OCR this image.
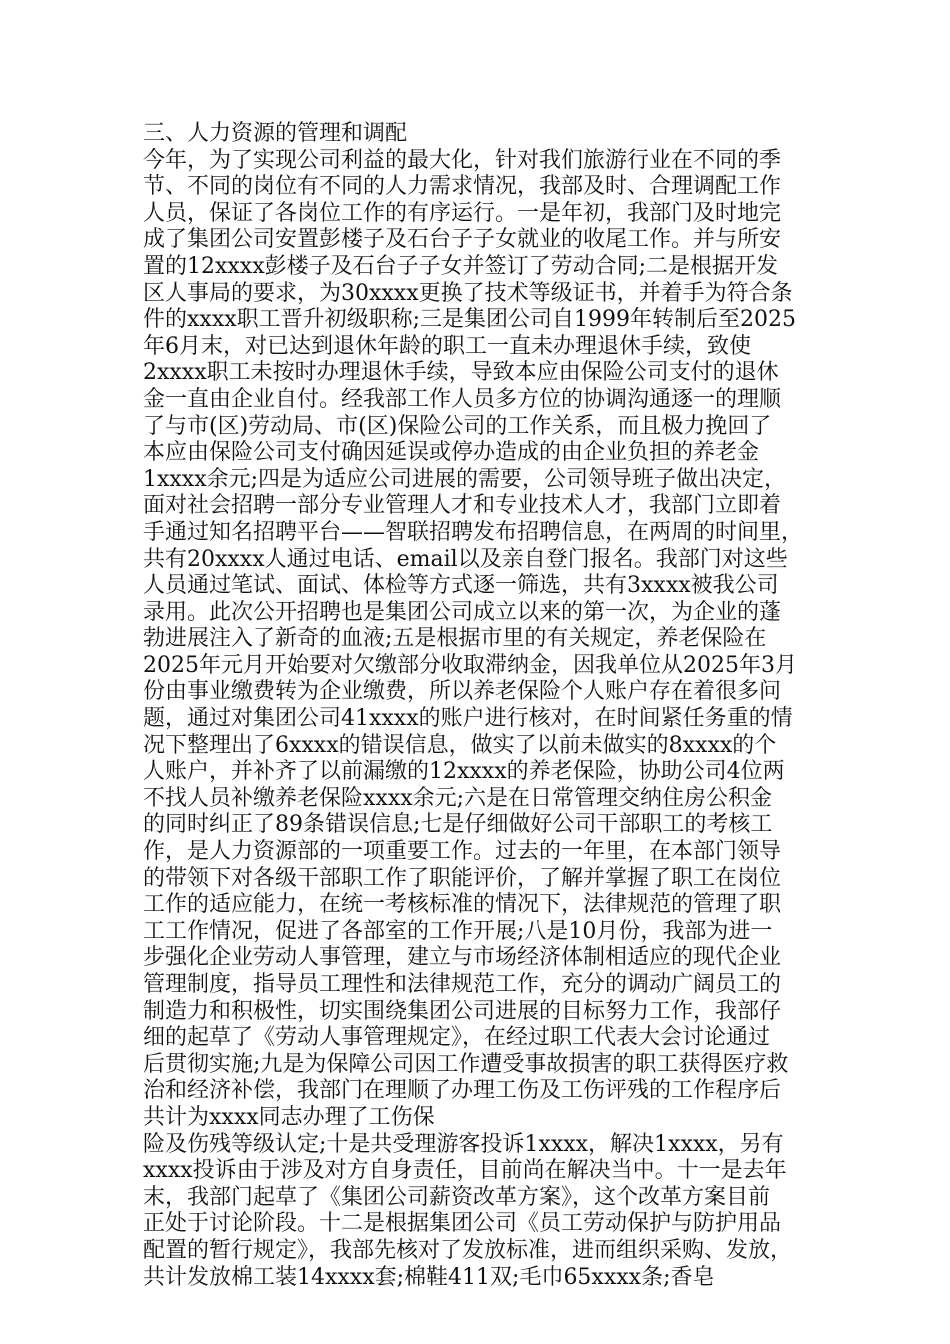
三、人力资源的管理和调配
今年，为了实现公司利益的最大化，针对我们旅游行业在不同的季
节、不同的岗位有不同的人力需求情况，我部及时、合理调配工作
人员，保证了各岗位工作的有序运行。一是年初，我部门及时地完
成了集团公司安置彭楼子及石台子子女就业的收尾工作。并与所安
置的12xxxx彭楼子及石台子子女并签订了劳动合同;二是根据开发
区人事局的要求，为30xxxx更换了技术等级证书，并着手为符合条
件的xxxx职工晋升初级职称;三是集团公司自1999年转制后至2025
年6月末，对已达到退休年龄的职工一直未办理退休手续，致使
2xxxx职工未按时办理退休手续，导致本应由保险公司支付的退休
金一直由企业自付。经我部工作人员多方位的协调沟通逐一的理顺
了与市(区)劳动局、市(区)保险公司的工作关系，而且极力挽回了
本应由保险公司支付确因延误或停办造成的由企业负担的养老金
1xxxx余元;四是为适应公司进展的需要，公司领导班子做出决定，
面对社会招聘一部分专业管理人才和专业技术人才，我部门立即着
手通过知名招聘平台——智联招聘发布招聘信息，在两周的时间里，
共有20xxxx人通过电话、email以及亲自登门报名。我部门对这些
人员通过笔试、面试、体检等方式逐一筛选，共有3xxxx被我公司
录用。此次公开招聘也是集团公司成立以来的第一次，为企业的蓬
勃进展注入了新奇的血液;五是根据市里的有关规定，养老保险在
2025年元月开始要对欠缴部分收取滞纳金，因我单位从2025年3月
份由事业缴费转为企业缴费，所以养老保险个人账户存在着很多问
题，通过对集团公司41xxxx的账户进行核对，在时间紧任务重的情
况下整理出了6xxxx的错误信息，做实了以前未做实的8xxxx的个
人账户，并补齐了以前漏缴的12xxxx的养老保险，协助公司4位两
不找人员补缴养老保险xxxx余元;六是在日常管理交纳住房公积金
的同时纠正了89条错误信息;七是仔细做好公司干部职工的考核工
作，是人力资源部的一项重要工作。过去的一年里，在本部门领导
的带领下对各级干部职工作了职能评价，了解并掌握了职工在岗位
工作的适应能力，在统一考核标准的情况下，法律规范的管理了职
工工作情况，促进了各部室的工作开展;八是10月份，我部为进一
步强化企业劳动人事管理，建立与市场经济体制相适应的现代企业
管理制度，指导员工理性和法律规范工作，充分的调动广阔员工的
制造力和积极性，切实围绕集团公司进展的目标努力工作，我部仔
细的起草了《劳动人事管理规定》，在经过职工代表大会讨论通过
后贯彻实施;九是为保障公司因工作遭受事故损害的职工获得医疗救
治和经济补偿，我部门在理顺了办理工伤及工伤评残的工作程序后
共计为xxxx同志办理了工伤保
险及伤残等级认定;十是共受理游客投诉1xxxx，解决1xxxx，另有
xxxx投诉由于涉及对方自身责任，目前尚在解决当中。十一是去年
末，我部门起草了《集团公司薪资改革方案》，这个改革方案目前
正处于讨论阶段。十二是根据集团公司《员工劳动保护与防护用品
配置的暂行规定》，我部先核对了发放标准，进而组织采购、发放，
共计发放棉工装14xxxx套;棉鞋411双;毛巾65xxxx条;香皂
